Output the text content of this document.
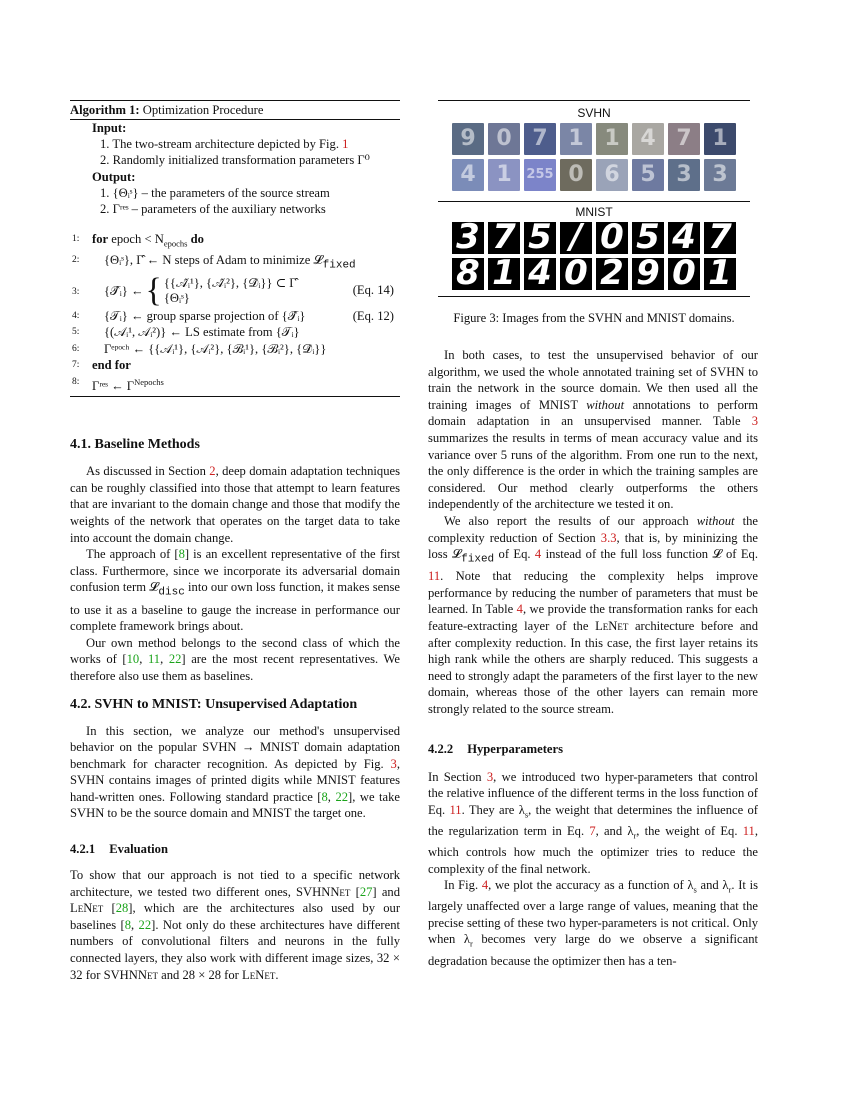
Algorithm 1: Optimization Procedure
Input:
1. The two-stream architecture depicted by Fig. 1
2. Randomly initialized transformation parameters Γ⁰
Output:
1. {Θᵢˢ} – the parameters of the source stream
2. Γʳᵉˢ – parameters of the auxiliary networks
1: for epoch < $N_{epochs}$ do
2: {Θᵢˢ}, Γ̂ ← N steps of Adam to minimize 𝓛$_{fixed}$
3:	{𝒯̂ᵢ} ← { {{𝒜̂ᵢ¹}, {𝒜̂ᵢ²}, {𝒟̂ᵢ}} ⊂ Γ̂
{Θᵢˢ}
(Eq. 14)
4: {𝒯ᵢ} ← group sparse projection of {𝒯̂ᵢ}	(Eq. 12)
5: {(𝒜ᵢ¹, 𝒜ᵢ²)} ← LS estimate from {𝒯ᵢ}
6: Γᵉᵖᵒᶜʰ ← {{𝒜ᵢ¹}, {𝒜ᵢ²}, {ℬᵢ¹}, {ℬᵢ²}, {𝒟̂ᵢ}}
7: end for
8: Γʳᵉˢ ← $\Gamma^{Nepochs}$
4.1. Baseline Methods

As discussed in Section 2, deep domain adaptation techniques can be roughly classified into those that attempt to learn features that are invariant to the domain change and those that modify the weights of the network that operates on the target data to take into account the domain change.

The approach of [8] is an excellent representative of the first class. Furthermore, since we incorporate its adversarial domain confusion term 𝓛$_{disc}$ into our own loss function, it makes sense to use it as a baseline to gauge the increase in performance our complete framework brings about.

Our own method belongs to the second class of which the works of [10, 11, 22] are the most recent representatives. We therefore also use them as baselines.

4.2. SVHN to MNIST: Unsupervised Adaptation

In this section, we analyze our method's unsupervised behavior on the popular SVHN → MNIST domain adaptation benchmark for character recognition. As depicted by Fig. 3, SVHN contains images of printed digits while MNIST features hand-written ones. Following standard practice [8, 22], we take SVHN to be the source domain and MNIST the target one.

4.2.1 Evaluation

To show that our approach is not tied to a specific network architecture, we tested two different ones, SVHNNet [27] and LeNet [28], which are the architectures also used by our baselines [8, 22]. Not only do these architectures have different numbers of convolutional filters and neurons in the fully connected layers, they also work with different image sizes, 32 × 32 for SVHNNet and 28 × 28 for LeNet.

SVHN
9 0 7 1 1 4 7 1
4 1	255 0 6 5 3 3
MNIST
3 7 5 / 0 5 4 7
8 1 4 0 2 9 0 1
Figure 3: Images from the SVHN and MNIST domains.

In both cases, to test the unsupervised behavior of our algorithm, we used the whole annotated training set of SVHN to train the network in the source domain. We then used all the training images of MNIST without annotations to perform domain adaptation in an unsupervised manner. Table 3 summarizes the results in terms of mean accuracy value and its variance over 5 runs of the algorithm. From one run to the next, the only difference is the order in which the training samples are considered. Our method clearly outperforms the others independently of the architecture we tested it on.

We also report the results of our approach without the complexity reduction of Section 3.3, that is, by mininizing the loss 𝓛$_{fixed}$ of Eq. 4 instead of the full loss function 𝓛 of Eq. 11. Note that reducing the complexity helps improve performance by reducing the number of parameters that must be learned. In Table 4, we provide the transformation ranks for each feature-extracting layer of the LeNet architecture before and after complexity reduction. In this case, the first layer retains its high rank while the others are sharply reduced. This suggests a need to strongly adapt the parameters of the first layer to the new domain, whereas those of the other layers can remain more strongly related to the source stream.

4.2.2 Hyperparameters

In Section 3, we introduced two hyper-parameters that control the relative influence of the different terms in the loss function of Eq. 11. They are $\lambda_s$, the weight that determines the influence of the regularization term in Eq. 7, and $\lambda_r$, the weight of Eq. 11, which controls how much the optimizer tries to reduce the complexity of the final network.

In Fig. 4, we plot the accuracy as a function of $\lambda_s$ and $\lambda_r$. It is largely unaffected over a large range of values, meaning that the precise setting of these two hyper-parameters is not critical. Only when $\lambda_r$ becomes very large do we observe a significant degradation because the optimizer then has a ten-
